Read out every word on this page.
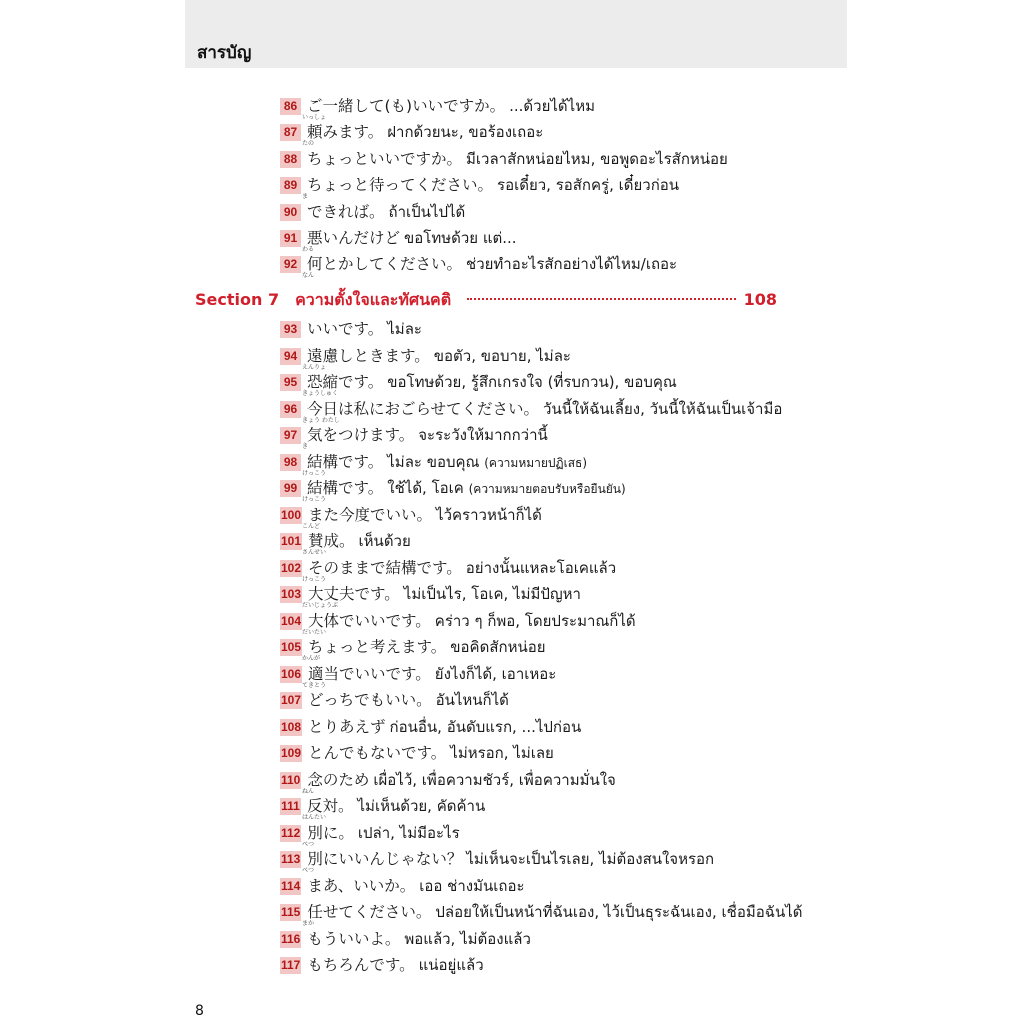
สารบัญ
86 ご一緒して(も)いいですか。 ...ด้วยได้ไหม
いっしょ
87 頼みます。 ฝากด้วยนะ, ขอร้องเถอะ
たの
88 ちょっといいですか。 มีเวลาสักหน่อยไหม, ขอพูดอะไรสักหน่อย
89 ちょっと待ってください。 รอเดี๋ยว, รอสักครู่, เดี๋ยวก่อน
ま
90 できれば。 ถ้าเป็นไปได้
91 悪いんだけど ขอโทษด้วย แต่...
わる
92 何とかしてください。 ช่วยทำอะไรสักอย่างได้ไหม/เถอะ
なん
93 いいです。 ไม่ละ
94 遠慮しときます。 ขอตัว, ขอบาย, ไม่ละ
えんりょ
95 恐縮です。 ขอโทษด้วย, รู้สึกเกรงใจ (ที่รบกวน), ขอบคุณ
きょうしゅく
96 今日は私におごらせてください。 วันนี้ให้ฉันเลี้ยง, วันนี้ให้ฉันเป็นเจ้ามือ
きょう わたし
97 気をつけます。 จะระวังให้มากกว่านี้
き
98 結構です。 ไม่ละ ขอบคุณ (ความหมายปฏิเสธ)
けっこう
99 結構です。 ใช้ได้, โอเค (ความหมายตอบรับหรือยืนยัน)
けっこう
100 また今度でいい。 ไว้คราวหน้าก็ได้
こんど
101 賛成。 เห็นด้วย
さんせい
102 そのままで結構です。 อย่างนั้นแหละโอเคแล้ว
けっこう
103 大丈夫です。 ไม่เป็นไร, โอเค, ไม่มีปัญหา
だいじょうぶ
104 大体でいいです。 คร่าว ๆ ก็พอ, โดยประมาณก็ได้
だいたい
105 ちょっと考えます。 ขอคิดสักหน่อย
かんが
106 適当でいいです。 ยังไงก็ได้, เอาเหอะ
てきとう
107 どっちでもいい。 อันไหนก็ได้
108 とりあえず ก่อนอื่น, อันดับแรก, ...ไปก่อน
109 とんでもないです。 ไม่หรอก, ไม่เลย
110 念のため เผื่อไว้, เพื่อความชัวร์, เพื่อความมั่นใจ
ねん
111 反対。 ไม่เห็นด้วย, คัดค้าน
はんたい
112 別に。 เปล่า, ไม่มีอะไร
べつ
113 別にいいんじゃない？ ไม่เห็นจะเป็นไรเลย, ไม่ต้องสนใจหรอก
べつ
114 まあ、いいか。 เออ ช่างมันเถอะ
115 任せてください。 ปล่อยให้เป็นหน้าที่ฉันเอง, ไว้เป็นธุระฉันเอง, เชื่อมือฉันได้
まか
116 もういいよ。 พอแล้ว, ไม่ต้องแล้ว
117 もちろんです。 แน่อยู่แล้ว
Section 7 ความตั้งใจและทัศนคติ	108
8
